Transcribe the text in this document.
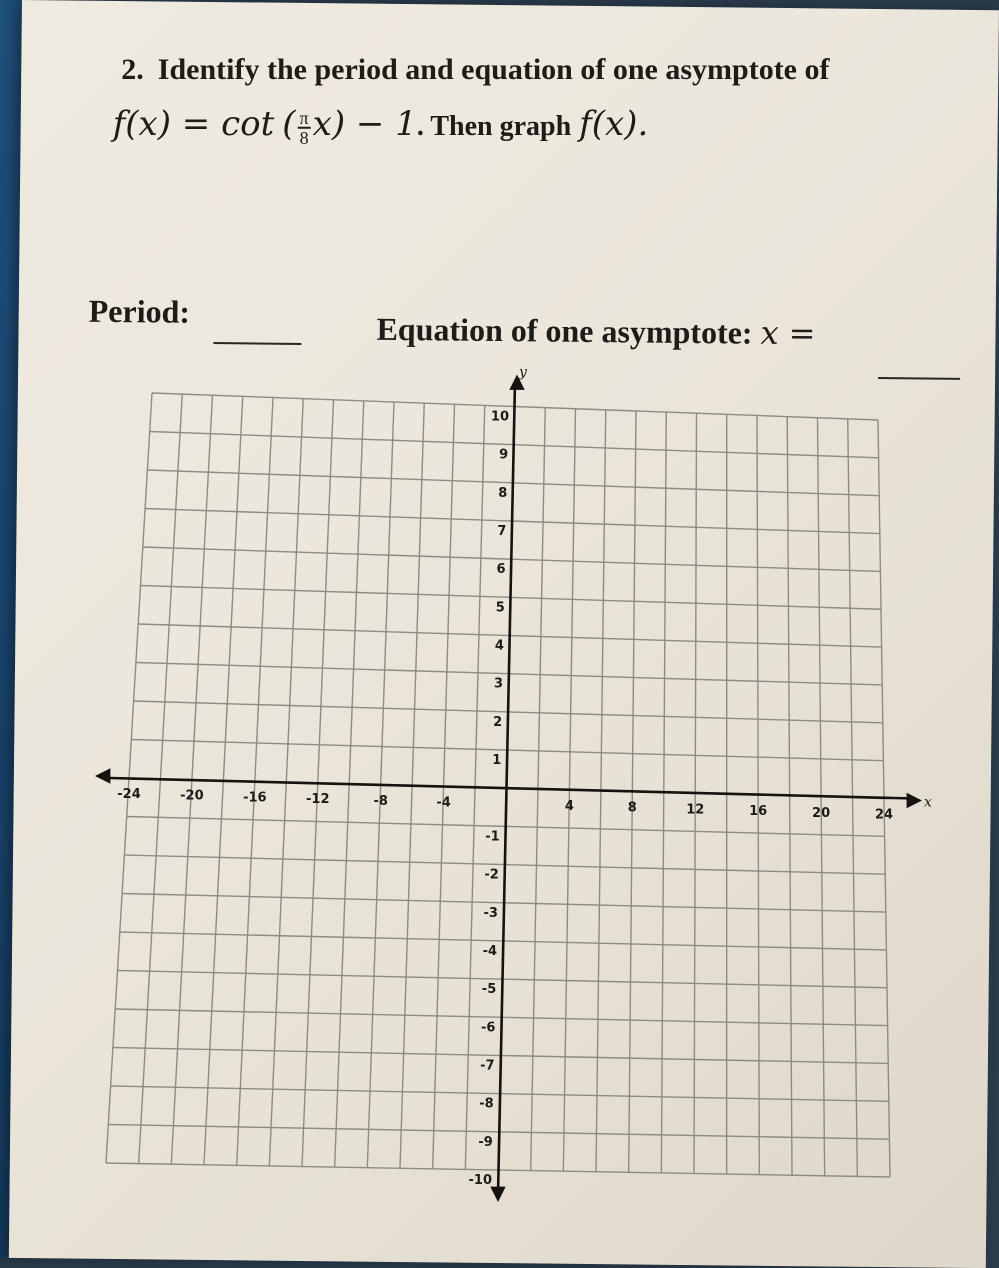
2. Identify the period and equation of one asymptote of
f(x) = cot ( $\frac{\pi}{8} x) - 1$. Then graph f(x).
Period:	Equation of one asymptote: x =
10
9
8
7
6
5
4
3
2
1
-1
-2
-3
-4
-5
-6
-7
-8
-9
-10
-24	-20	-16	-12	-8	-4	4	8	12	16	20	24
y
x
